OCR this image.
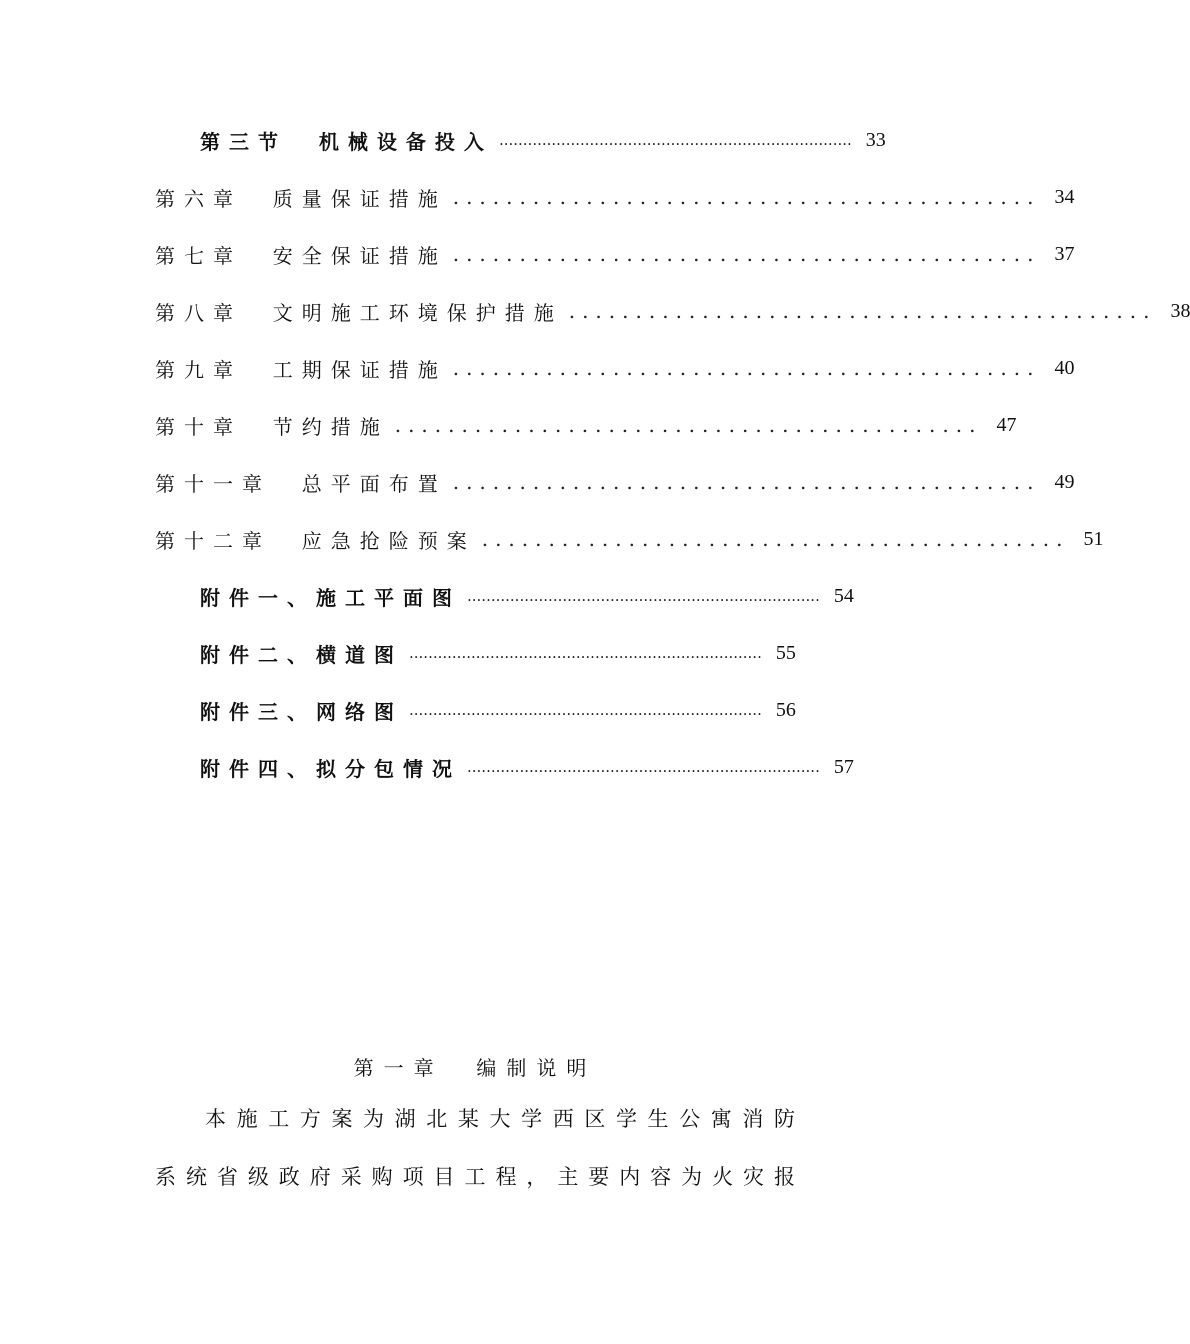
第三节  机械设备投入 .......................................................................... 33
第六章  质量保证措施 ............................................ 34
第七章  安全保证措施 ............................................ 37
第八章  文明施工环境保护措施 ............................................ 38
第九章  工期保证措施 ............................................ 40
第十章  节约措施 ............................................ 47
第十一章  总平面布置 ............................................ 49
第十二章  应急抢险预案 ............................................ 51
附件一、施工平面图 .......................................................................... 54
附件二、横道图 .......................................................................... 55
附件三、网络图 .......................................................................... 56
附件四、拟分包情况 .......................................................................... 57
第一章  编制说明
本施工方案为湖北某大学西区学生公寓消防
系统省级政府采购项目工程，主要内容为火灾报
